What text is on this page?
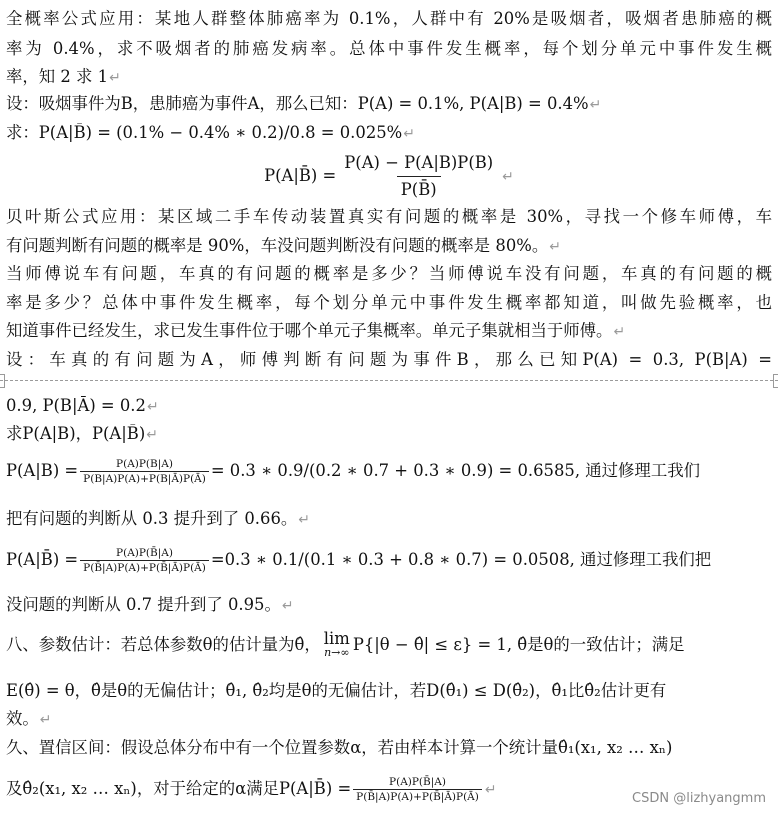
全概率公式应用：某地人群整体肺癌率为 0.1%，人群中有 20%是吸烟者，吸烟者患肺癌的概
率为 0.4%，求不吸烟者的肺癌发病率。总体中事件发生概率，每个划分单元中事件发生概
率，知 2 求 1↵
设：吸烟事件为B，患肺癌为事件A，那么已知：P(A) = 0.1%, P(A|B) = 0.4%↵
求：P(A|B̄) = (0.1% − 0.4% ∗ 0.2)/0.8 = 0.025%↵
P(A|B̄) = $\frac{P(A) - P(A|B)P(B)}{P(B̄)}$ ↵
贝叶斯公式应用：某区域二手车传动装置真实有问题的概率是 30%，寻找一个修车师傅，车
有问题判断有问题的概率是 90%，车没问题判断没有问题的概率是 80%。↵
当师傅说车有问题，车真的有问题的概率是多少？当师傅说车没有问题，车真的有问题的概
率是多少？总体中事件发生概率，每个划分单元中事件发生概率都知道，叫做先验概率，也
知道事件已经发生，求已发生事件位于哪个单元子集概率。单元子集就相当于师傅。↵
设：车真的有问题为A，师傅判断有问题为事件B，那么已知P(A) = 0.3, P(B|A) =
0.9, P(B|Ā) = 0.2↵
求P(A|B)，P(A|B̄)↵
$P(A|B) = \frac{P(A)P(B|A)}{P(B|A)P(A)+P(B|Ā)P(Ā)} = 0.3$ ∗ 0.9/(0.2 ∗ 0.7 + 0.3 ∗ 0.9) = 0.6585, 通过修理工我们
把有问题的判断从 0.3 提升到了 0.66。↵
P(A|B̄) = $\frac{P(A)P(B̄|A)}{P(B̄|A)P(A)+P(B̄|Ā)P(Ā)} =0.3$ ∗ 0.1/(0.1 ∗ 0.3 + 0.8 ∗ 0.7) = 0.0508, 通过修理工我们把
没问题的判断从 0.7 提升到了 0.95。↵
八、参数估计：若总体参数θ的估计量为θ̂， lim
n→∞ P{|θ − θ̂| ≤ ε} = 1, θ̂是θ的一致估计；满足
E(θ̂) = θ，θ̂是θ的无偏估计；θ̂₁, θ̂₂均是θ的无偏估计，若D(θ̂₁) ≤ D(θ̂₂)，θ̂₁比θ̂₂估计更有
效。↵
久、置信区间：假设总体分布中有一个位置参数α，若由样本计算一个统计量θ̂₁(x₁, x₂ … xₙ)
及θ̂₂(x₁, x₂ … xₙ)，对于给定的α满足P(A|B̄) = $\frac{P(A)P(B̄|A)}{P(B̄|A)P(A)+P(B̄|Ā)P(Ā)}$ ↵
CSDN @lizhyangmm
